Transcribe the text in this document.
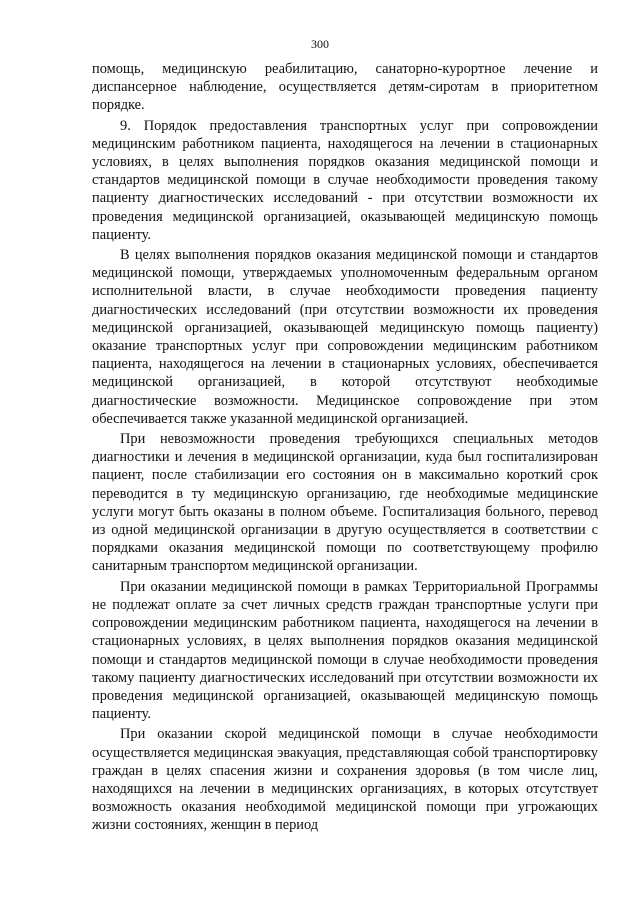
300

помощь, медицинскую реабилитацию, санаторно-курортное лечение и диспансерное наблюдение, осуществляется детям-сиротам в приоритетном порядке.

9. Порядок предоставления транспортных услуг при сопровождении медицинским работником пациента, находящегося на лечении в стационарных условиях, в целях выполнения порядков оказания медицинской помощи и стандартов медицинской помощи в случае необходимости проведения такому пациенту диагностических исследований - при отсутствии возможности их проведения медицинской организацией, оказывающей медицинскую помощь пациенту.

В целях выполнения порядков оказания медицинской помощи и стандартов медицинской помощи, утверждаемых уполномоченным федеральным органом исполнительной власти, в случае необходимости проведения пациенту диагностических исследований (при отсутствии возможности их проведения медицинской организацией, оказывающей медицинскую помощь пациенту) оказание транспортных услуг при сопровождении медицинским работником пациента, находящегося на лечении в стационарных условиях, обеспечивается медицинской организацией, в которой отсутствуют необходимые диагностические возможности. Медицинское сопровождение при этом обеспечивается также указанной медицинской организацией.

При невозможности проведения требующихся специальных методов диагностики и лечения в медицинской организации, куда был госпитализирован пациент, после стабилизации его состояния он в максимально короткий срок переводится в ту медицинскую организацию, где необходимые медицинские услуги могут быть оказаны в полном объеме. Госпитализация больного, перевод из одной медицинской организации в другую осуществляется в соответствии с порядками оказания медицинской помощи по соответствующему профилю санитарным транспортом медицинской организации.

При оказании медицинской помощи в рамках Территориальной Программы не подлежат оплате за счет личных средств граждан транспортные услуги при сопровождении медицинским работником пациента, находящегося на лечении в стационарных условиях, в целях выполнения порядков оказания медицинской помощи и стандартов медицинской помощи в случае необходимости проведения такому пациенту диагностических исследований при отсутствии возможности их проведения медицинской организацией, оказывающей медицинскую помощь пациенту.

При оказании скорой медицинской помощи в случае необходимости осуществляется медицинская эвакуация, представляющая собой транспортировку граждан в целях спасения жизни и сохранения здоровья (в том числе лиц, находящихся на лечении в медицинских организациях, в которых отсутствует возможность оказания необходимой медицинской помощи при угрожающих жизни состояниях, женщин в период
